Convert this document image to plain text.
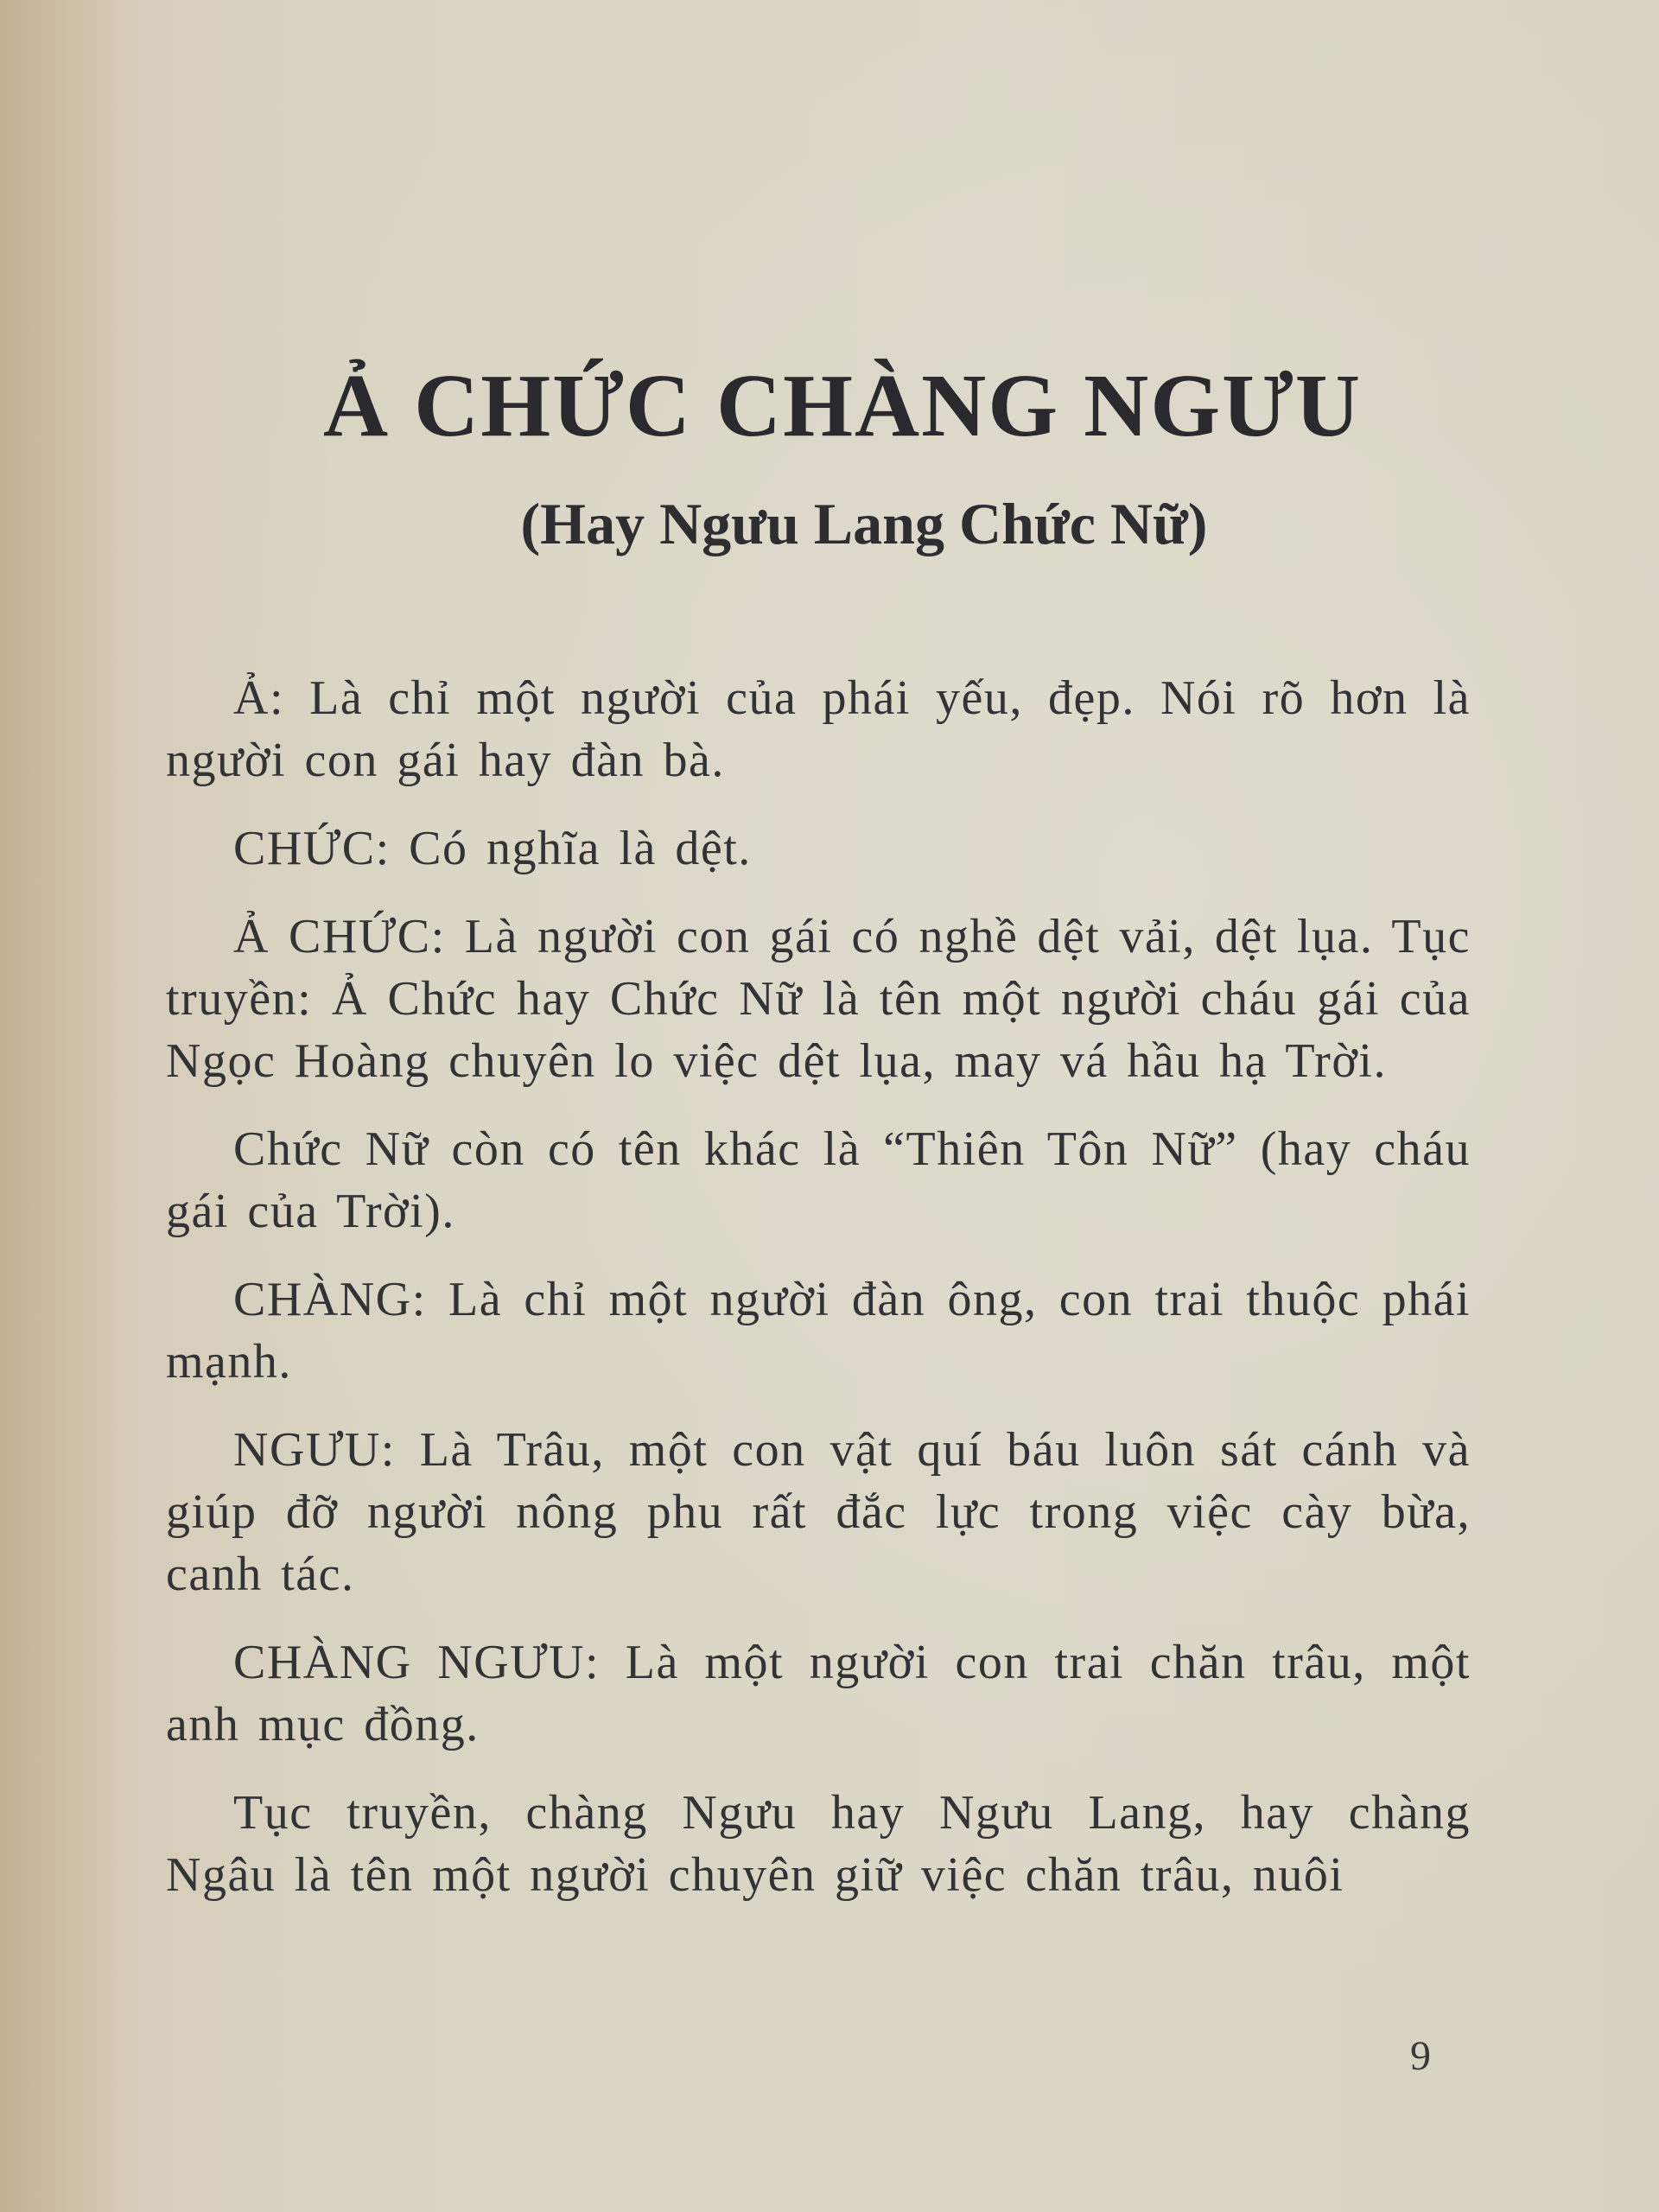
Ả CHỨC CHÀNG NGƯU
(Hay Ngưu Lang Chức Nữ)

Ả: Là chỉ một người của phái yếu, đẹp. Nói rõ hơn là người con gái hay đàn bà.

CHỨC: Có nghĩa là dệt.

Ả CHỨC: Là người con gái có nghề dệt vải, dệt lụa. Tục truyền: Ả Chức hay Chức Nữ là tên một người cháu gái của Ngọc Hoàng chuyên lo việc dệt lụa, may vá hầu hạ Trời.

Chức Nữ còn có tên khác là “Thiên Tôn Nữ” (hay cháu gái của Trời).

CHÀNG: Là chỉ một người đàn ông, con trai thuộc phái mạnh.

NGƯU: Là Trâu, một con vật quí báu luôn sát cánh và giúp đỡ người nông phu rất đắc lực trong việc cày bừa, canh tác.

CHÀNG NGƯU: Là một người con trai chăn trâu, một anh mục đồng.

Tục truyền, chàng Ngưu hay Ngưu Lang, hay chàng Ngâu là tên một người chuyên giữ việc chăn trâu, nuôi

9
